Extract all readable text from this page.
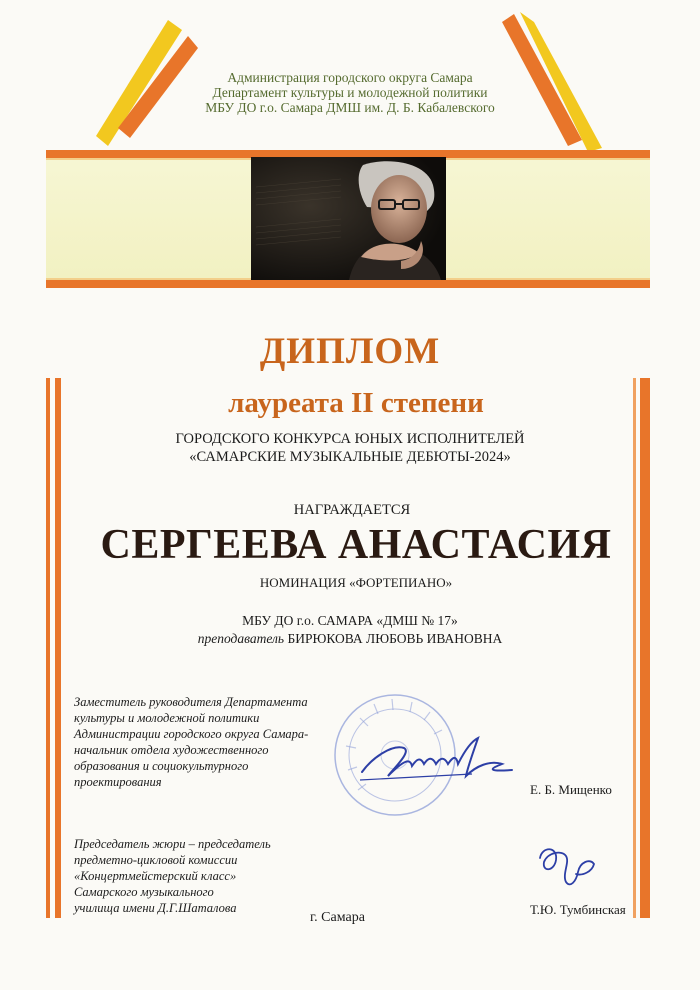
Администрация городского округа Самара
Департамент культуры и молодежной политики
МБУ ДО г.о. Самара ДМШ им. Д. Б. Кабалевского
ДИПЛОМ
лауреата II степени
ГОРОДСКОГО КОНКУРСА ЮНЫХ ИСПОЛНИТЕЛЕЙ
«САМАРСКИЕ МУЗЫКАЛЬНЫЕ ДЕБЮТЫ-2024»
НАГРАЖДАЕТСЯ
СЕРГЕЕВА АНАСТАСИЯ
НОМИНАЦИЯ «ФОРТЕПИАНО»
МБУ ДО г.о. САМАРА «ДМШ № 17»
преподаватель БИРЮКОВА ЛЮБОВЬ ИВАНОВНА
Заместитель руководителя Департамента
культуры и молодежной политики
Администрации городского округа Самара-
начальник отдела художественного
образования и социокультурного
проектирования	Е. Б. Мищенко
Председатель жюри – председатель
предметно-цикловой комиссии
«Концертмейстерский класс»
Самарского музыкального
училища имени Д.Г.Шаталова	Т.Ю. Тумбинская
г. Самара
